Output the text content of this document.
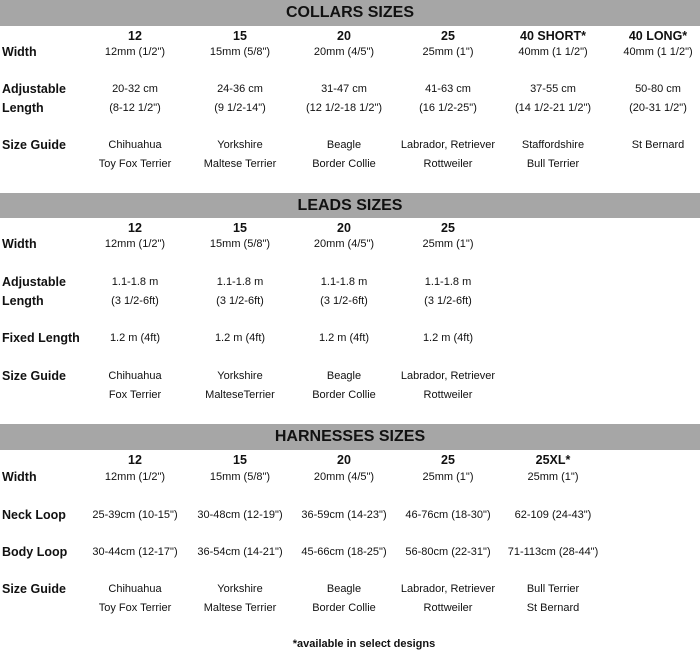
COLLARS SIZES
12	15	20	25	40 SHORT*	40 LONG*
Width	12mm (1/2")	15mm (5/8")	20mm (4/5")	25mm (1")	40mm (1 1/2")	40mm (1 1/2")
Adjustable
Length
20-32 cm	24-36 cm	31-47 cm	41-63 cm	37-55 cm	50-80 cm
(8-12 1/2")	(9 1/2-14")	(12 1/2-18 1/2")	(16 1/2-25")	(14 1/2-21 1/2")	(20-31 1/2")
Size Guide	Chihuahua	Yorkshire	Beagle	Labrador, Retriever	Staffordshire	St Bernard
Toy Fox Terrier	Maltese Terrier	Border Collie	Rottweiler	Bull Terrier
LEADS SIZES
12	15	20	25
Width	12mm (1/2")	15mm (5/8")	20mm (4/5")	25mm (1")
Adjustable
Length
1.1-1.8 m	1.1-1.8 m	1.1-1.8 m	1.1-1.8 m
(3 1/2-6ft)	(3 1/2-6ft)	(3 1/2-6ft)	(3 1/2-6ft)
Fixed Length	1.2 m (4ft)	1.2 m (4ft)	1.2 m (4ft)	1.2 m (4ft)
Size Guide	Chihuahua	Yorkshire	Beagle	Labrador, Retriever
Fox Terrier	MalteseTerrier	Border Collie	Rottweiler
HARNESSES SIZES
12	15	20	25	25XL*
Width	12mm (1/2")	15mm (5/8")	20mm (4/5")	25mm (1")	25mm (1")
Neck Loop	25-39cm (10-15")	30-48cm (12-19")	36-59cm (14-23")	46-76cm (18-30")	62-109 (24-43")
Body Loop	30-44cm (12-17")	36-54cm (14-21")	45-66cm (18-25")	56-80cm (22-31")	71-113cm (28-44")
Size Guide	Chihuahua	Yorkshire	Beagle	Labrador, Retriever	Bull Terrier
Toy Fox Terrier	Maltese Terrier	Border Collie	Rottweiler	St Bernard
*available in select designs
